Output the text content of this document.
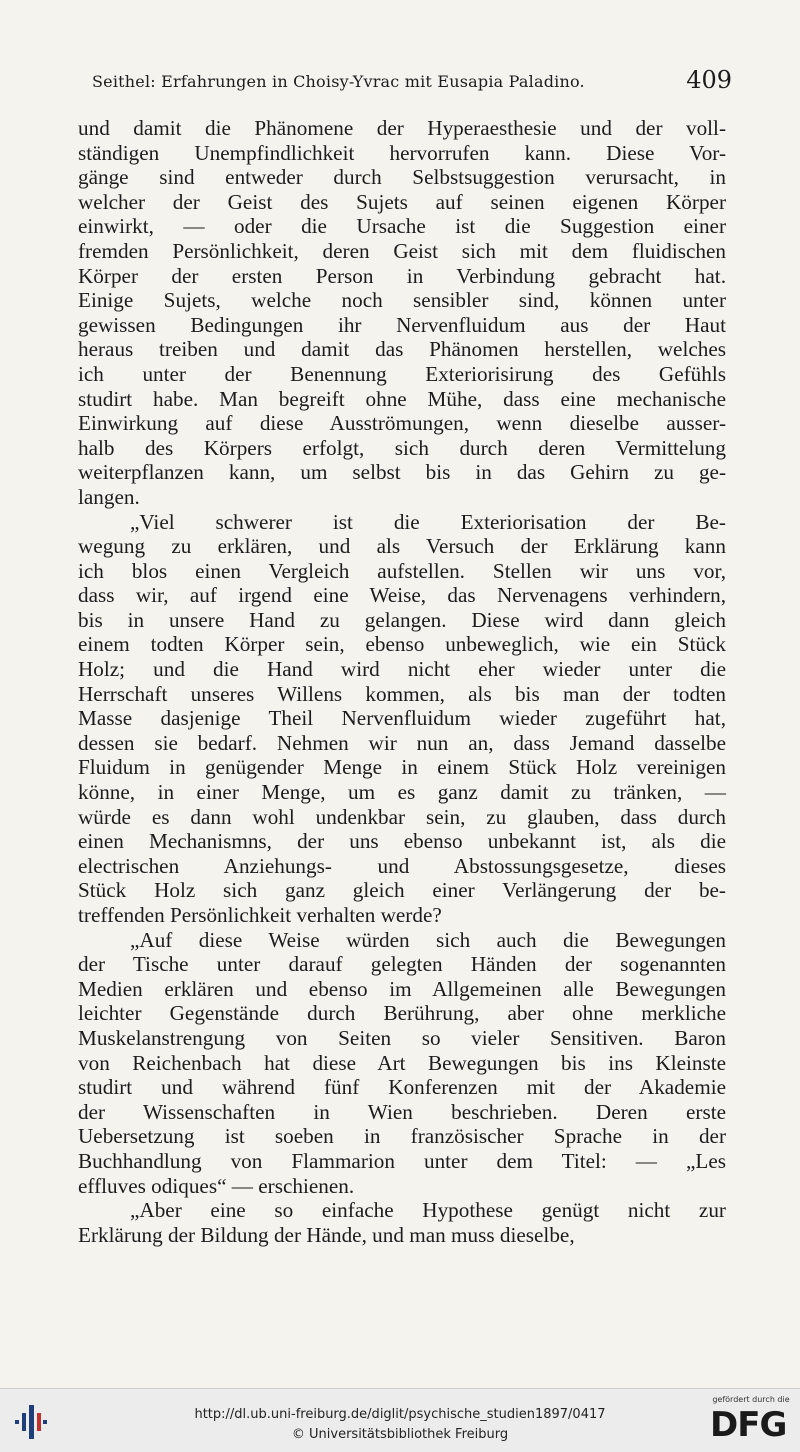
Seithel: Erfahrungen in Choisy-Yvrac mit Eusapia Paladino.	409
und damit die Phänomene der Hyperaesthesie und der voll-
ständigen Unempfindlichkeit hervorrufen kann. Diese Vor-
gänge sind entweder durch Selbstsuggestion verursacht, in
welcher der Geist des Sujets auf seinen eigenen Körper
einwirkt, — oder die Ursache ist die Suggestion einer
fremden Persönlichkeit, deren Geist sich mit dem fluidischen
Körper der ersten Person in Verbindung gebracht hat.
Einige Sujets, welche noch sensibler sind, können unter
gewissen Bedingungen ihr Nervenfluidum aus der Haut
heraus treiben und damit das Phänomen herstellen, welches
ich unter der Benennung Exteriorisirung des Gefühls
studirt habe. Man begreift ohne Mühe, dass eine mechanische
Einwirkung auf diese Ausströmungen, wenn dieselbe ausser-
halb des Körpers erfolgt, sich durch deren Vermittelung
weiterpflanzen kann, um selbst bis in das Gehirn zu ge-
langen.
„Viel schwerer ist die Exteriorisation der Be-
wegung zu erklären, und als Versuch der Erklärung kann
ich blos einen Vergleich aufstellen. Stellen wir uns vor,
dass wir, auf irgend eine Weise, das Nervenagens verhindern,
bis in unsere Hand zu gelangen. Diese wird dann gleich
einem todten Körper sein, ebenso unbeweglich, wie ein Stück
Holz; und die Hand wird nicht eher wieder unter die
Herrschaft unseres Willens kommen, als bis man der todten
Masse dasjenige Theil Nervenfluidum wieder zugeführt hat,
dessen sie bedarf. Nehmen wir nun an, dass Jemand dasselbe
Fluidum in genügender Menge in einem Stück Holz vereinigen
könne, in einer Menge, um es ganz damit zu tränken, —
würde es dann wohl undenkbar sein, zu glauben, dass durch
einen Mechanismns, der uns ebenso unbekannt ist, als die
electrischen Anziehungs- und Abstossungsgesetze, dieses
Stück Holz sich ganz gleich einer Verlängerung der be-
treffenden Persönlichkeit verhalten werde?
„Auf diese Weise würden sich auch die Bewegungen
der Tische unter darauf gelegten Händen der sogenannten
Medien erklären und ebenso im Allgemeinen alle Bewegungen
leichter Gegenstände durch Berührung, aber ohne merkliche
Muskelanstrengung von Seiten so vieler Sensitiven. Baron
von Reichenbach hat diese Art Bewegungen bis ins Kleinste
studirt und während fünf Konferenzen mit der Akademie
der Wissenschaften in Wien beschrieben. Deren erste
Uebersetzung ist soeben in französischer Sprache in der
Buchhandlung von Flammarion unter dem Titel: — „Les
effluves odiques“ — erschienen.
„Aber eine so einfache Hypothese genügt nicht zur
Erklärung der Bildung der Hände, und man muss dieselbe,
http://dl.ub.uni-freiburg.de/diglit/psychische_studien1897/0417
© Universitätsbibliothek Freiburg
gefördert durch die
DFG
